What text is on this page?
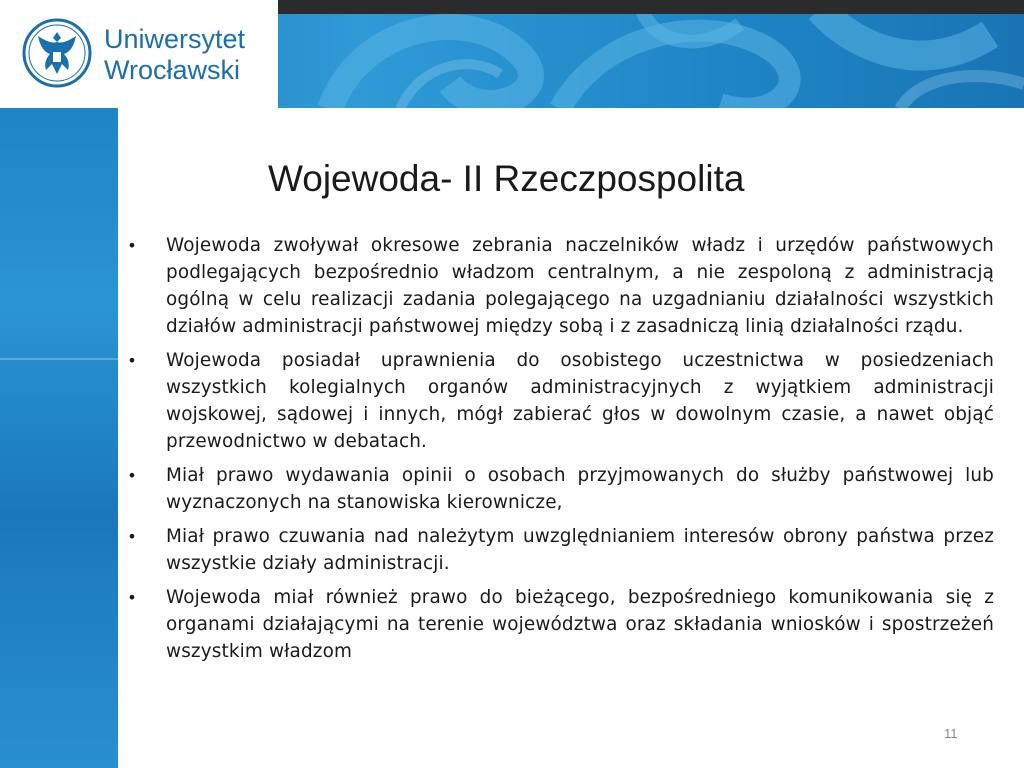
Uniwersytet
Wrocławski
Wojewoda- II Rzeczpospolita
• Wojewoda zwoływał okresowe zebrania naczelników władz i urzędów państwowych podlegających bezpośrednio władzom centralnym, a nie zespoloną z administracją ogólną w celu realizacji zadania polegającego na uzgadnianiu działalności wszystkich działów administracji państwowej między sobą i z zasadniczą linią działalności rządu.
• Wojewoda posiadał uprawnienia do osobistego uczestnictwa w posiedzeniach wszystkich kolegialnych organów administracyjnych z wyjątkiem administracji wojskowej, sądowej i innych, mógł zabierać głos w dowolnym czasie, a nawet objąć przewodnictwo w debatach.
• Miał prawo wydawania opinii o osobach przyjmowanych do służby państwowej lub wyznaczonych na stanowiska kierownicze,
• Miał prawo czuwania nad należytym uwzględnianiem interesów obrony państwa przez wszystkie działy administracji.
• Wojewoda miał również prawo do bieżącego, bezpośredniego komunikowania się z organami działającymi na terenie województwa oraz składania wniosków i spostrzeżeń wszystkim władzom
11
